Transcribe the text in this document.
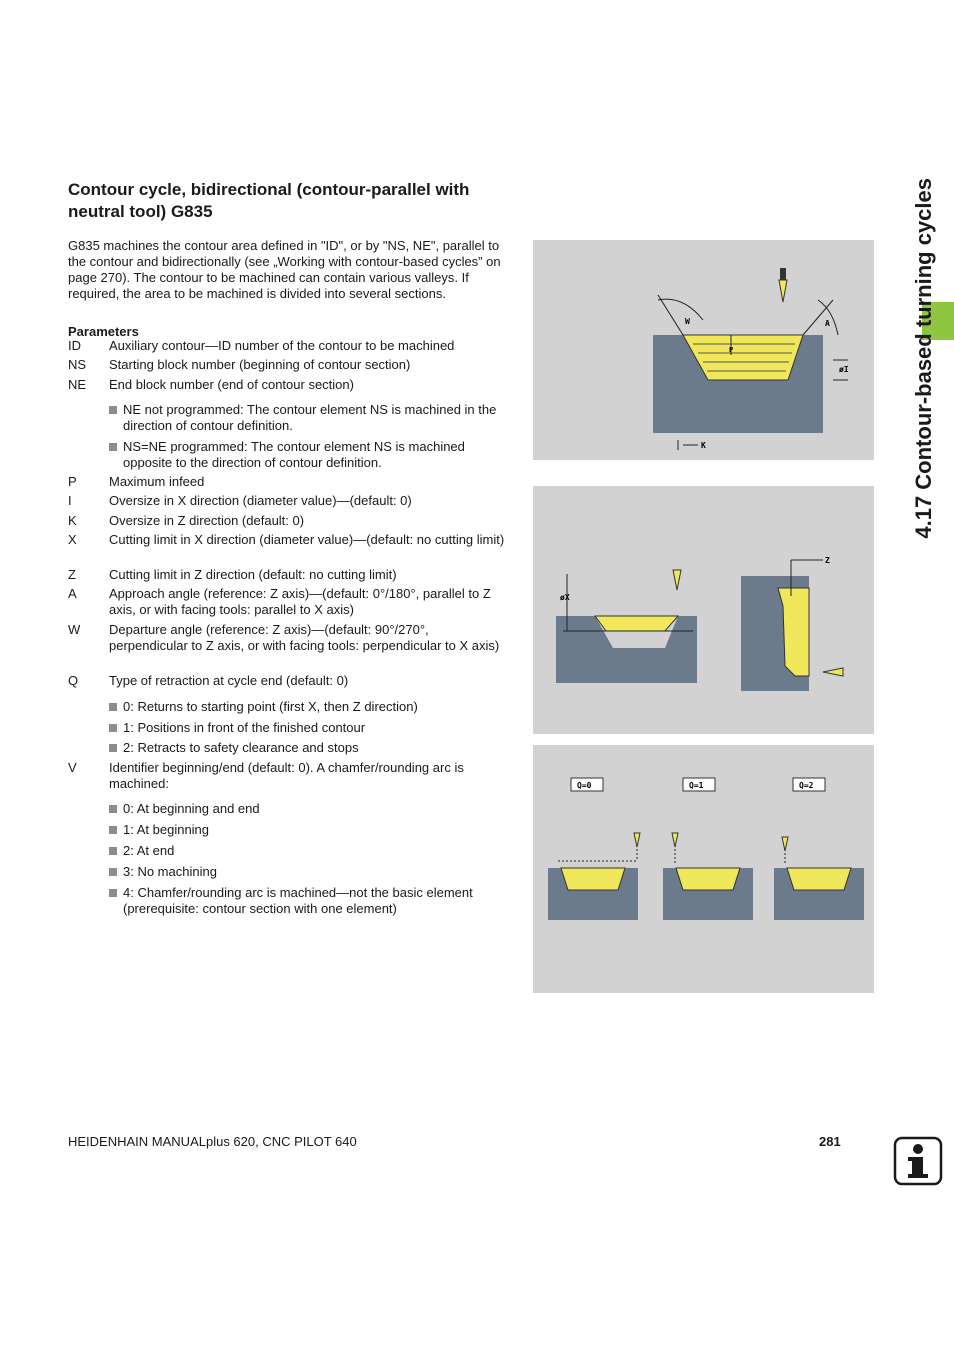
Contour cycle, bidirectional (contour-parallel with neutral tool) G835

G835 machines the contour area defined in "ID", or by "NS, NE", parallel to the contour and bidirectionally (see „Working with contour-based cycles” on page 270). The contour to be machined can contain various valleys. If required, the area to be machined is divided into several sections.

Parameters

ID	Auxiliary contour—ID number of the contour to be machined
NS	Starting block number (beginning of contour section)
NE	End block number (end of contour section)
NE not programmed: The contour element NS is machined in the direction of contour definition.
NS=NE programmed: The contour element NS is machined opposite to the direction of contour definition.
P	Maximum infeed
I	Oversize in X direction (diameter value)—(default: 0)
K	Oversize in Z direction (default: 0)
X	Cutting limit in X direction (diameter value)—(default: no cutting limit)
Z	Cutting limit in Z direction (default: no cutting limit)
A	Approach angle (reference: Z axis)—(default: 0°/180°, parallel to Z axis, or with facing tools: parallel to X axis)
W	Departure angle (reference: Z axis)—(default: 90°/270°, perpendicular to Z axis, or with facing tools: perpendicular to X axis)
Q	Type of retraction at cycle end (default: 0)
0: Returns to starting point (first X, then Z direction)
1: Positions in front of the finished contour
2: Retracts to safety clearance and stops
V	Identifier beginning/end (default: 0). A chamfer/rounding arc is machined:
0: At beginning and end
1: At beginning
2: At end
3: No machining
4: Chamfer/rounding arc is machined—not the basic element (prerequisite: contour section with one element)
W	A
P
øI
K
øX
Z
Q=0	Q=1	Q=2
4.17 Contour-based turning cycles
HEIDENHAIN MANUALplus 620, CNC PILOT 640	281
